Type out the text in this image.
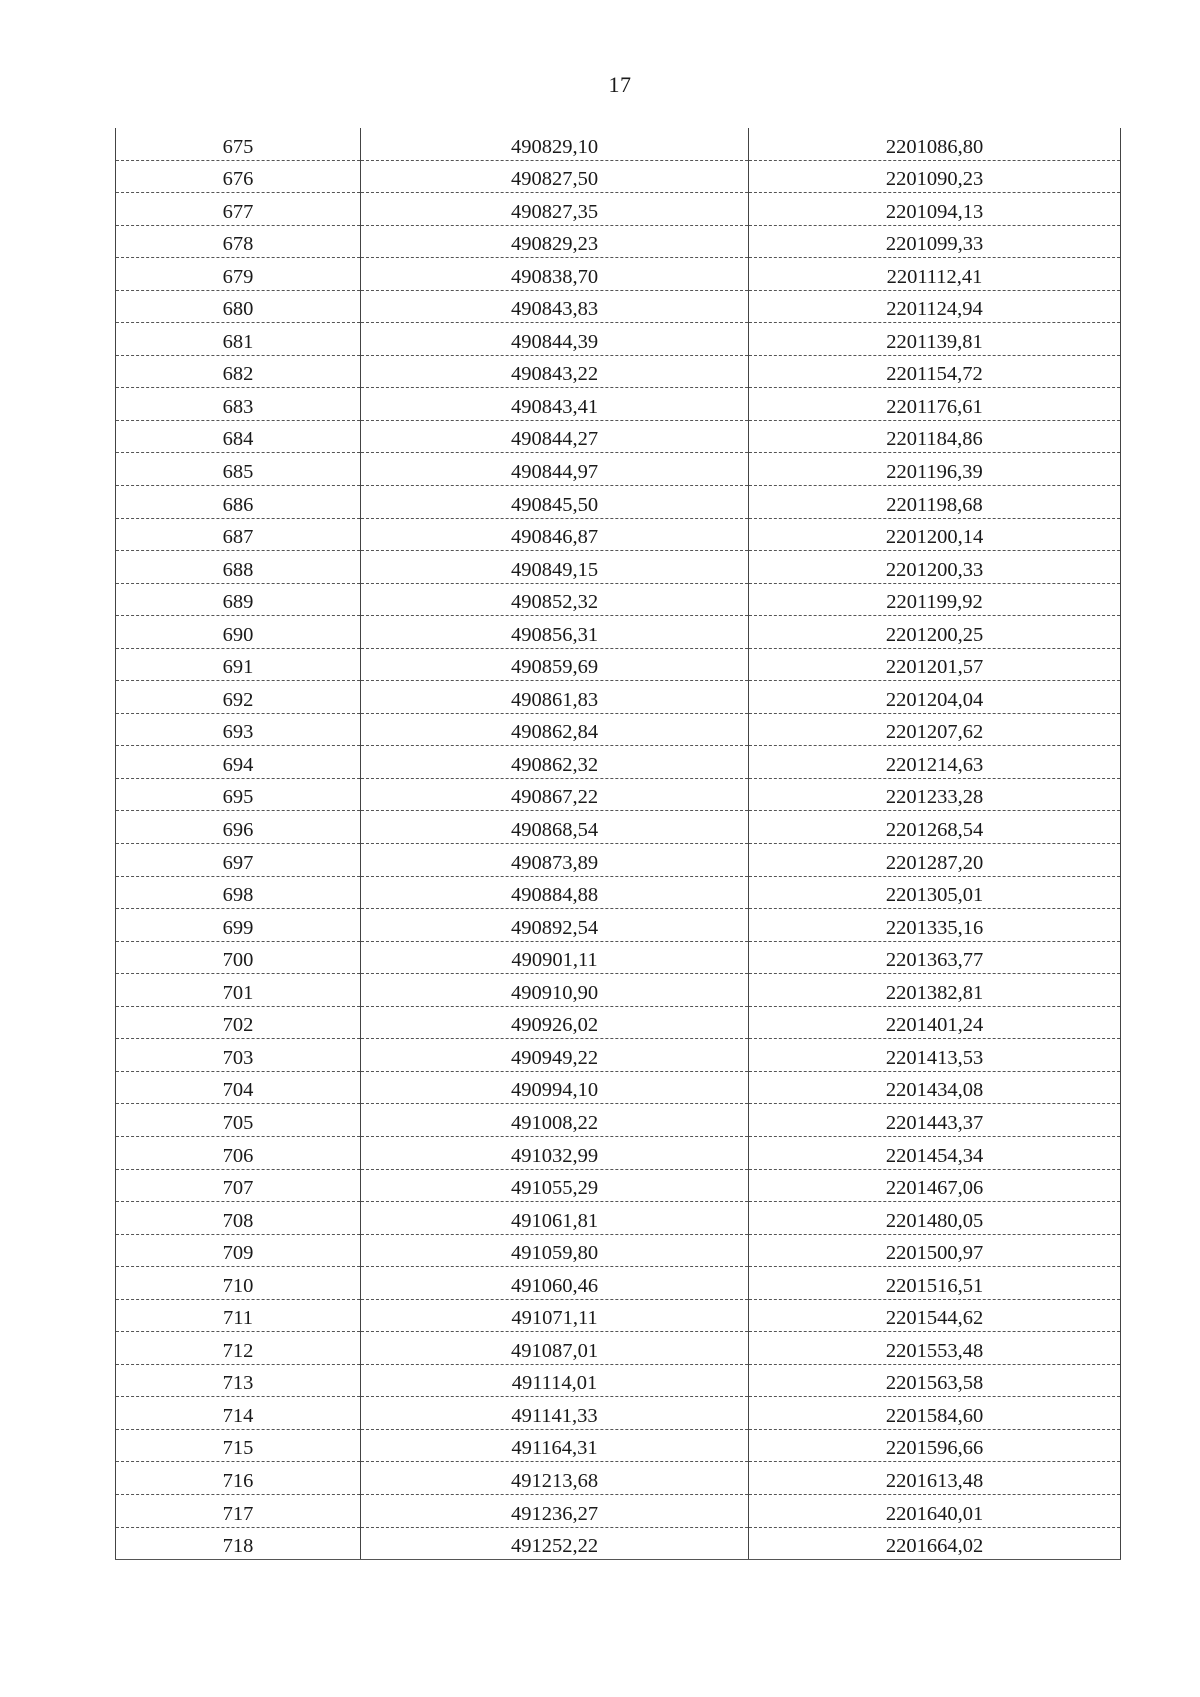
17
675	490829,10	2201086,80
676	490827,50	2201090,23
677	490827,35	2201094,13
678	490829,23	2201099,33
679	490838,70	2201112,41
680	490843,83	2201124,94
681	490844,39	2201139,81
682	490843,22	2201154,72
683	490843,41	2201176,61
684	490844,27	2201184,86
685	490844,97	2201196,39
686	490845,50	2201198,68
687	490846,87	2201200,14
688	490849,15	2201200,33
689	490852,32	2201199,92
690	490856,31	2201200,25
691	490859,69	2201201,57
692	490861,83	2201204,04
693	490862,84	2201207,62
694	490862,32	2201214,63
695	490867,22	2201233,28
696	490868,54	2201268,54
697	490873,89	2201287,20
698	490884,88	2201305,01
699	490892,54	2201335,16
700	490901,11	2201363,77
701	490910,90	2201382,81
702	490926,02	2201401,24
703	490949,22	2201413,53
704	490994,10	2201434,08
705	491008,22	2201443,37
706	491032,99	2201454,34
707	491055,29	2201467,06
708	491061,81	2201480,05
709	491059,80	2201500,97
710	491060,46	2201516,51
711	491071,11	2201544,62
712	491087,01	2201553,48
713	491114,01	2201563,58
714	491141,33	2201584,60
715	491164,31	2201596,66
716	491213,68	2201613,48
717	491236,27	2201640,01
718	491252,22	2201664,02
